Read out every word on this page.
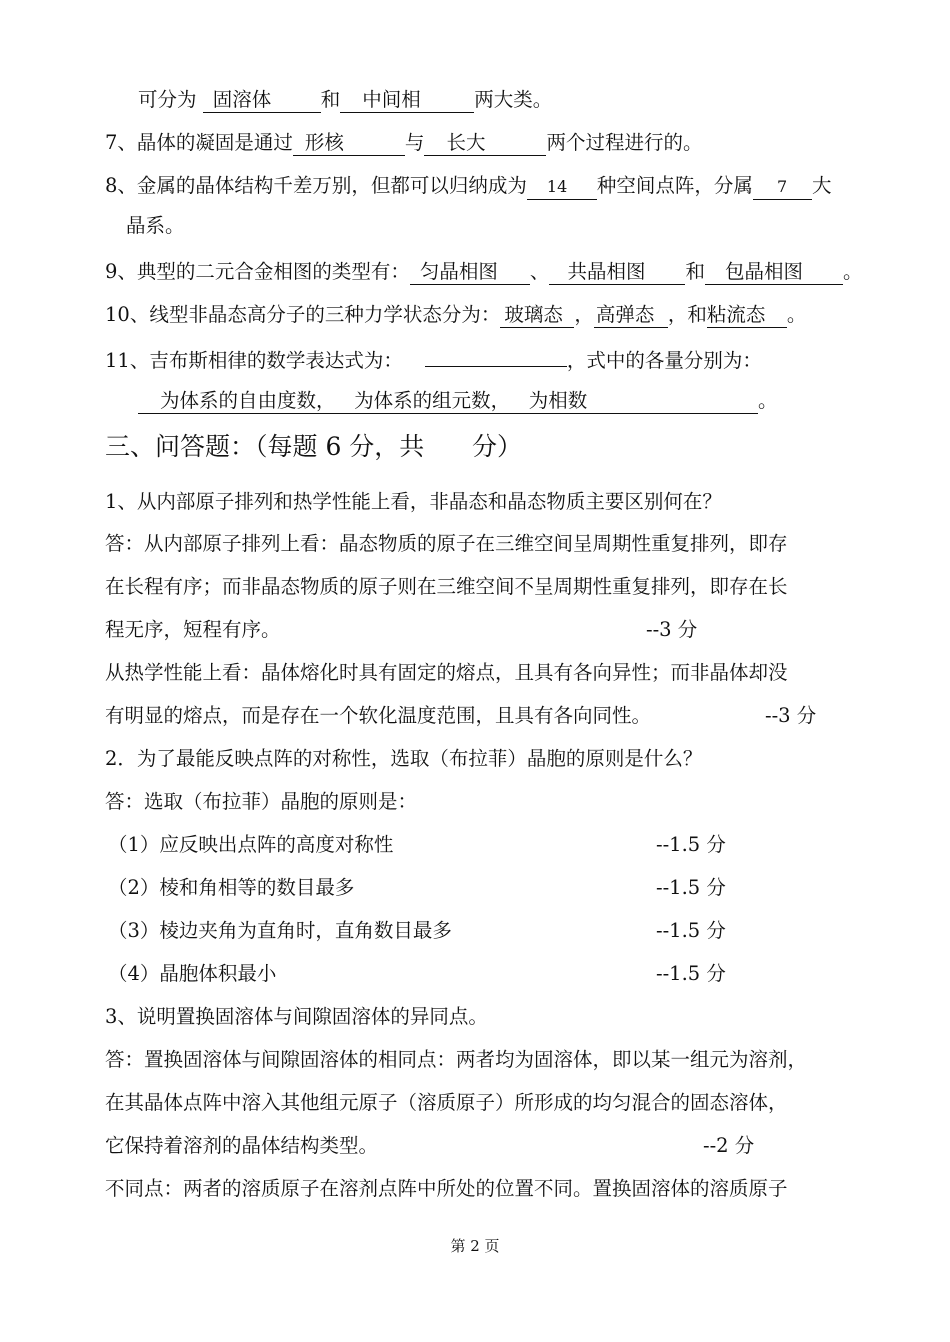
可分为 固溶体	和 中间相	两大类。
7、晶体的凝固是通过 形核	与 长大	两个过程进行的。
8、金属的晶体结构千差万别，但都可以归纳成为 14 种空间点阵，分属 7 大
晶系。
9、典型的二元合金相图的类型有： 匀晶相图 、 共晶相图 和 包晶相图 。
10、线型非晶态高分子的三种力学状态分为： 玻璃态 ， 高弹态 ，和粘流态 。
11、吉布斯相律的数学表达式为：	，式中的各量分别为：
为体系的自由度数，   为体系的组元数，   为相数	。
三、问答题：（每题 6 分，共      分）
1、从内部原子排列和热学性能上看，非晶态和晶态物质主要区别何在？
答：从内部原子排列上看：晶态物质的原子在三维空间呈周期性重复排列，即存
在长程有序；而非晶态物质的原子则在三维空间不呈周期性重复排列，即存在长
程无序，短程有序。	--3 分
从热学性能上看：晶体熔化时具有固定的熔点，且具有各向异性；而非晶体却没
有明显的熔点，而是存在一个软化温度范围，且具有各向同性。	--3 分
2．为了最能反映点阵的对称性，选取（布拉菲）晶胞的原则是什么？
答：选取（布拉菲）晶胞的原则是：
（1）应反映出点阵的高度对称性	--1.5 分
（2）棱和角相等的数目最多	--1.5 分
（3）棱边夹角为直角时，直角数目最多	--1.5 分
（4）晶胞体积最小	--1.5 分
3、说明置换固溶体与间隙固溶体的异同点。
答：置换固溶体与间隙固溶体的相同点：两者均为固溶体，即以某一组元为溶剂，
在其晶体点阵中溶入其他组元原子（溶质原子）所形成的均匀混合的固态溶体，
它保持着溶剂的晶体结构类型。	--2 分
不同点：两者的溶质原子在溶剂点阵中所处的位置不同。置换固溶体的溶质原子
第 2 页
